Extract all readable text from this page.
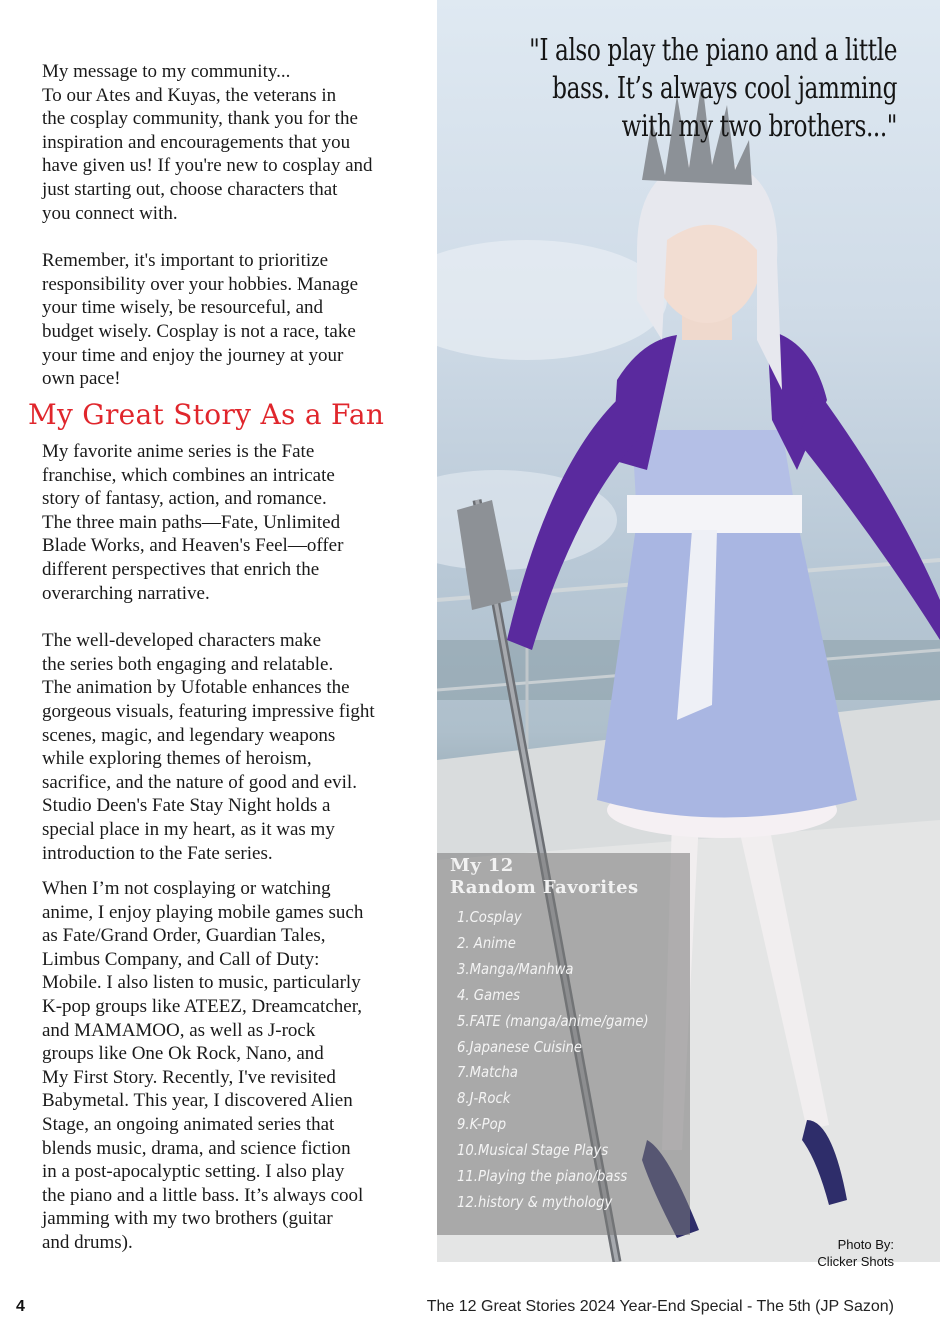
My message to my community...
To our Ates and Kuyas, the veterans in
the cosplay community, thank you for the
inspiration and encouragements that you
have given us! If you're new to cosplay and
just starting out, choose characters that
you connect with.

Remember, it's important to prioritize
responsibility over your hobbies. Manage
your time wisely, be resourceful, and
budget wisely. Cosplay is not a race, take
your time and enjoy the journey at your
own pace!

My Great Story As a Fan

My favorite anime series is the Fate
franchise, which combines an intricate
story of fantasy, action, and romance.
The three main paths—Fate, Unlimited
Blade Works, and Heaven's Feel—offer
different perspectives that enrich the
overarching narrative.

The well-developed characters make
the series both engaging and relatable.
The animation by Ufotable enhances the
gorgeous visuals, featuring impressive fight
scenes, magic, and legendary weapons
while exploring themes of heroism,
sacrifice, and the nature of good and evil.
Studio Deen's Fate Stay Night holds a
special place in my heart, as it was my
introduction to the Fate series.

When I’m not cosplaying or watching
anime, I enjoy playing mobile games such
as Fate/Grand Order, Guardian Tales,
Limbus Company, and Call of Duty:
Mobile. I also listen to music, particularly
K-pop groups like ATEEZ, Dreamcatcher,
and MAMAMOO, as well as J-rock
groups like One Ok Rock, Nano, and
My First Story. Recently, I've revisited
Babymetal. This year, I discovered Alien
Stage, an ongoing animated series that
blends music, drama, and science fiction
in a post-apocalyptic setting. I also play
the piano and a little bass. It’s always cool
jamming with my two brothers (guitar
and drums).

"I also play the piano and a little
bass. It’s always cool jamming
with my two brothers..."

My 12
Random Favorites

1.Cosplay
2. Anime
3.Manga/Manhwa
4. Games
5.FATE (manga/anime/game)
6.Japanese Cuisine
7.Matcha
8.J-Rock
9.K-Pop
10.Musical Stage Plays
11.Playing the piano/bass
12.history & mythology

Photo By:
Clicker Shots

4	The 12 Great Stories 2024 Year-End Special - The 5th (JP Sazon)
